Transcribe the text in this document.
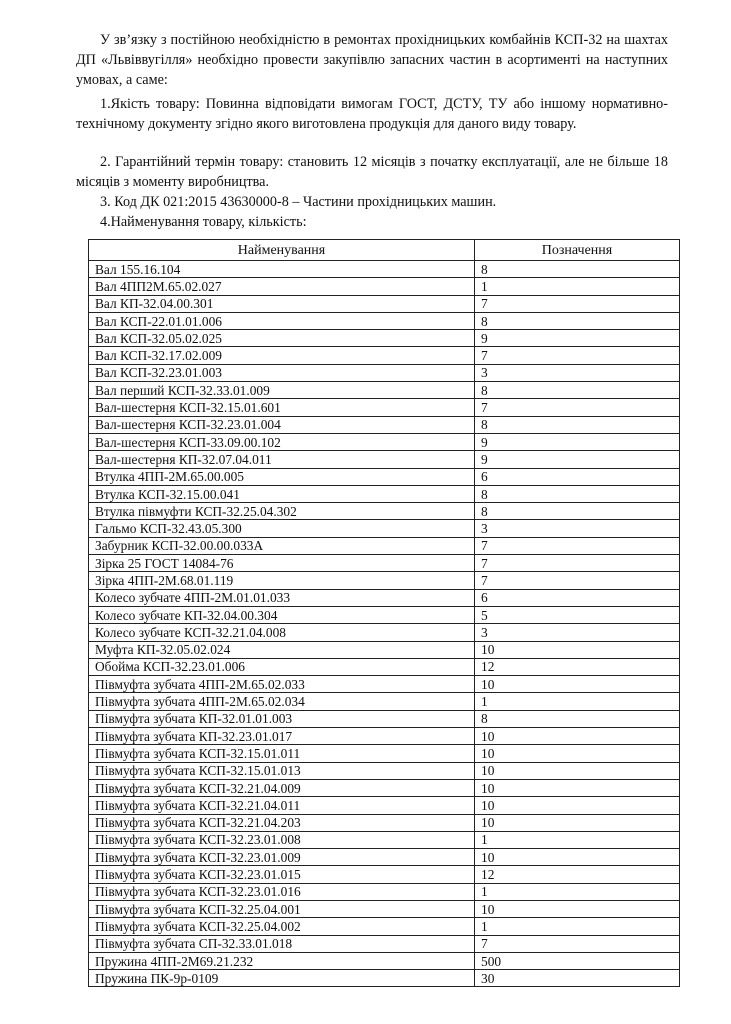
У зв’язку з постійною необхідністю в ремонтах прохідницьких комбайнів КСП-32 на шахтах ДП «Львіввугілля» необхідно провести закупівлю запасних частин в асортименті на наступних умовах, а саме:

1.Якість товару: Повинна відповідати вимогам ГОСТ, ДСТУ, ТУ або іншому нормативно-технічному документу згідно якого виготовлена продукція для даного виду товару.

2. Гарантійний термін товару: становить 12 місяців з початку експлуатації, але не більше 18 місяців з моменту виробництва.

3. Код ДК 021:2015 43630000-8 – Частини прохідницьких машин.

4.Найменування товару, кількість:

Найменування	Позначення
Вал 155.16.104	8
Вал 4ПП2М.65.02.027	1
Вал КП-32.04.00.301	7
Вал КСП-22.01.01.006	8
Вал КСП-32.05.02.025	9
Вал КСП-32.17.02.009	7
Вал КСП-32.23.01.003	3
Вал перший КСП-32.33.01.009	8
Вал-шестерня КСП-32.15.01.601	7
Вал-шестерня КСП-32.23.01.004	8
Вал-шестерня КСП-33.09.00.102	9
Вал-шестерня КП-32.07.04.011	9
Втулка 4ПП-2М.65.00.005	6
Втулка КСП-32.15.00.041	8
Втулка півмуфти КСП-32.25.04.302	8
Гальмо КСП-32.43.05.300	3
Забурник КСП-32.00.00.033А	7
Зірка 25 ГОСТ 14084-76	7
Зірка 4ПП-2М.68.01.119	7
Колесо зубчате 4ПП-2М.01.01.033	6
Колесо зубчате КП-32.04.00.304	5
Колесо зубчате КСП-32.21.04.008	3
Муфта КП-32.05.02.024	10
Обойма КСП-32.23.01.006	12
Півмуфта зубчата 4ПП-2М.65.02.033	10
Півмуфта зубчата 4ПП-2М.65.02.034	1
Півмуфта зубчата КП-32.01.01.003	8
Півмуфта зубчата КП-32.23.01.017	10
Півмуфта зубчата КСП-32.15.01.011	10
Півмуфта зубчата КСП-32.15.01.013	10
Півмуфта зубчата КСП-32.21.04.009	10
Півмуфта зубчата КСП-32.21.04.011	10
Півмуфта зубчата КСП-32.21.04.203	10
Півмуфта зубчата КСП-32.23.01.008	1
Півмуфта зубчата КСП-32.23.01.009	10
Півмуфта зубчата КСП-32.23.01.015	12
Півмуфта зубчата КСП-32.23.01.016	1
Півмуфта зубчата КСП-32.25.04.001	10
Півмуфта зубчата КСП-32.25.04.002	1
Півмуфта зубчата СП-32.33.01.018	7
Пружина 4ПП-2М69.21.232	500
Пружина ПК-9р-0109	30
